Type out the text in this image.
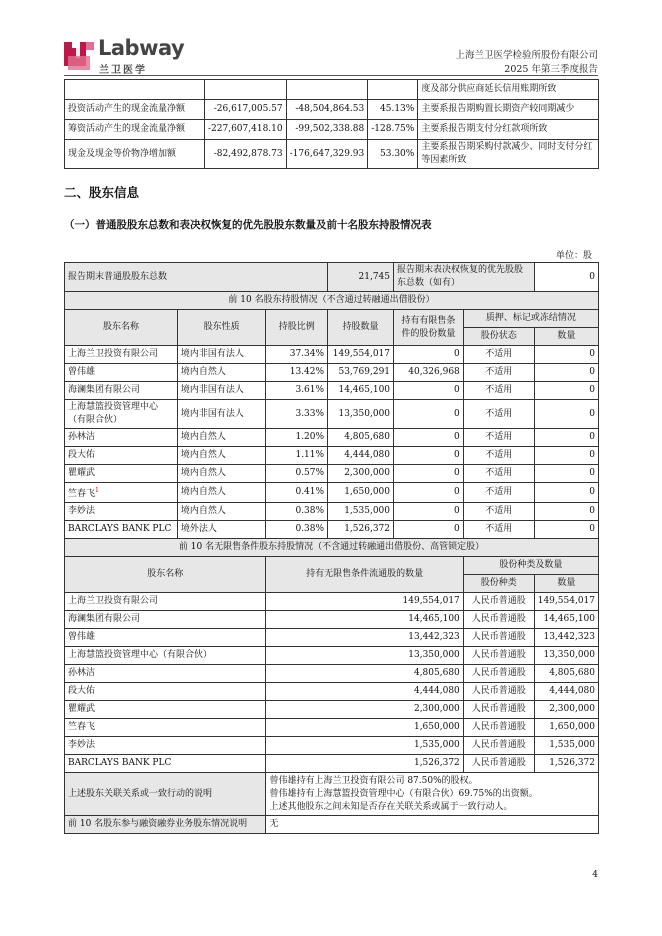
Labway
兰卫医学
上海兰卫医学检验所股份有限公司
2025 年第三季度报告
				度及部分供应商延长信用账期所致
投资活动产生的现金流量净额	-26,617,005.57	-48,504,864.53	45.13%	主要系报告期购置长期资产较同期减少
筹资活动产生的现金流量净额	-227,607,418.10	-99,502,338.88	-128.75%	主要系报告期支付分红款项所致
现金及现金等价物净增加额	-82,492,878.73	-176,647,329.93	53.30%	主要系报告期采购付款减少、同时支付分红等因素所致
二、股东信息
（一）普通股股东总数和表决权恢复的优先股股东数量及前十名股东持股情况表
单位：股
报告期末普通股股东总数			21,745	报告期末表决权恢复的优先股股东总数（如有）		0
前 10 名股东持股情况（不含通过转融通出借股份）						
股东名称	股东性质	持股比例	持股数量	持有有限售条件的股份数量	质押、标记或冻结情况	
					股份状态	数量
上海兰卫投资有限公司	境内非国有法人	37.34%	149,554,017	0	不适用	0
曾伟雄	境内自然人	13.42%	53,769,291	40,326,968	不适用	0
海澜集团有限公司	境内非国有法人	3.61%	14,465,100	0	不适用	0
上海慧篮投资管理中心（有限合伙）	境内非国有法人	3.33%	13,350,000	0	不适用	0
孙林洁	境内自然人	1.20%	4,805,680	0	不适用	0
段大佑	境内自然人	1.11%	4,444,080	0	不适用	0
瞿耀武	境内自然人	0.57%	2,300,000	0	不适用	0
竺春飞$^1$	境内自然人	0.41%	1,650,000	0	不适用	0
李妙法	境内自然人	0.38%	1,535,000	0	不适用	0
BARCLAYS BANK PLC	境外法人	0.38%	1,526,372	0	不适用	0
前 10 名无限售条件股东持股情况（不含通过转融通出借股份、高管锁定股）						
股东名称		持有无限售条件流通股的数量			股份种类及数量	
					股份种类	数量
上海兰卫投资有限公司		149,554,017			人民币普通股	149,554,017
海澜集团有限公司		14,465,100			人民币普通股	14,465,100
曾伟雄		13,442,323			人民币普通股	13,442,323
上海慧篮投资管理中心（有限合伙）		13,350,000			人民币普通股	13,350,000
孙林洁		4,805,680			人民币普通股	4,805,680
段大佑		4,444,080			人民币普通股	4,444,080
瞿耀武		2,300,000			人民币普通股	2,300,000
竺春飞		1,650,000			人民币普通股	1,650,000
李妙法		1,535,000			人民币普通股	1,535,000
BARCLAYS BANK PLC		1,526,372			人民币普通股	1,526,372
上述股东关联关系或一致行动的说明		曾伟雄持有上海兰卫投资有限公司 87.50%的股权。
曾伟雄持有上海慧篮投资管理中心（有限合伙）69.75%的出资额。
上述其他股东之间未知是否存在关联关系或属于一致行动人。				

前 10 名股东参与融资融券业务股东情况说明		无				
4
